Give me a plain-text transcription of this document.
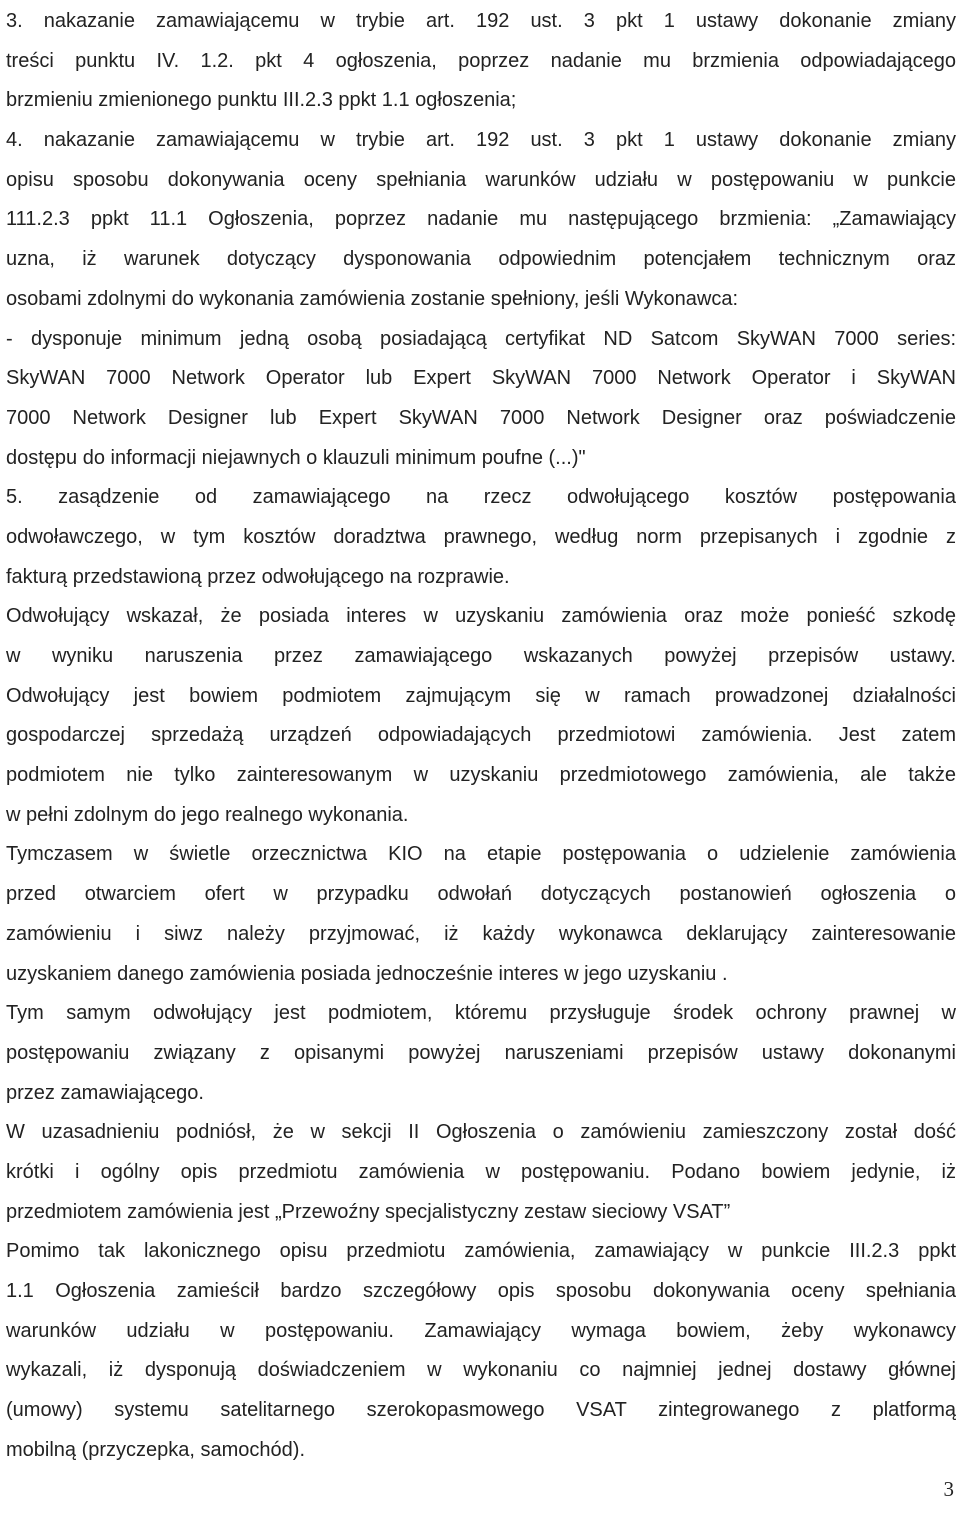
3. nakazanie zamawiającemu w trybie art. 192 ust. 3 pkt 1 ustawy dokonanie zmiany
treści punktu IV. 1.2. pkt 4 ogłoszenia, poprzez nadanie mu brzmienia odpowiadającego
brzmieniu zmienionego punktu III.2.3 ppkt 1.1 ogłoszenia;
4. nakazanie zamawiającemu w trybie art. 192 ust. 3 pkt 1 ustawy dokonanie zmiany
opisu sposobu dokonywania oceny spełniania warunków udziału w postępowaniu w punkcie
111.2.3 ppkt 11.1 Ogłoszenia, poprzez nadanie mu następującego brzmienia: „Zamawiający
uzna, iż warunek dotyczący dysponowania odpowiednim potencjałem technicznym oraz
osobami zdolnymi do wykonania zamówienia zostanie spełniony, jeśli Wykonawca:
- dysponuje minimum jedną osobą posiadającą certyfikat ND Satcom SkyWAN 7000 series:
SkyWAN 7000 Network Operator lub Expert SkyWAN 7000 Network Operator i SkyWAN
7000 Network Designer lub Expert SkyWAN 7000 Network Designer oraz poświadczenie
dostępu do informacji niejawnych o klauzuli minimum poufne (...)"
5. zasądzenie od zamawiającego na rzecz odwołującego kosztów postępowania
odwoławczego, w tym kosztów doradztwa prawnego, według norm przepisanych i zgodnie z
fakturą przedstawioną przez odwołującego na rozprawie.
Odwołujący wskazał, że posiada interes w uzyskaniu zamówienia oraz może ponieść szkodę
w wyniku naruszenia przez zamawiającego wskazanych powyżej przepisów ustawy.
Odwołujący jest bowiem podmiotem zajmującym się w ramach prowadzonej działalności
gospodarczej sprzedażą urządzeń odpowiadających przedmiotowi zamówienia. Jest zatem
podmiotem nie tylko zainteresowanym w uzyskaniu przedmiotowego zamówienia, ale także
w pełni zdolnym do jego realnego wykonania.
Tymczasem w świetle orzecznictwa KIO na etapie postępowania o udzielenie zamówienia
przed otwarciem ofert w przypadku odwołań dotyczących postanowień ogłoszenia o
zamówieniu i siwz należy przyjmować, iż każdy wykonawca deklarujący zainteresowanie
uzyskaniem danego zamówienia posiada jednocześnie interes w jego uzyskaniu .
Tym samym odwołujący jest podmiotem, któremu przysługuje środek ochrony prawnej w
postępowaniu związany z opisanymi powyżej naruszeniami przepisów ustawy dokonanymi
przez zamawiającego.
W uzasadnieniu podniósł, że w sekcji II Ogłoszenia o zamówieniu zamieszczony został dość
krótki i ogólny opis przedmiotu zamówienia w postępowaniu. Podano bowiem jedynie, iż
przedmiotem zamówienia jest „Przewoźny specjalistyczny zestaw sieciowy VSAT”
Pomimo tak lakonicznego opisu przedmiotu zamówienia, zamawiający w punkcie III.2.3 ppkt
1.1 Ogłoszenia zamieścił bardzo szczegółowy opis sposobu dokonywania oceny spełniania
warunków udziału w postępowaniu. Zamawiający wymaga bowiem, żeby wykonawcy
wykazali, iż dysponują doświadczeniem w wykonaniu co najmniej jednej dostawy głównej
(umowy) systemu satelitarnego szerokopasmowego VSAT zintegrowanego z platformą
mobilną (przyczepka, samochód).
3
